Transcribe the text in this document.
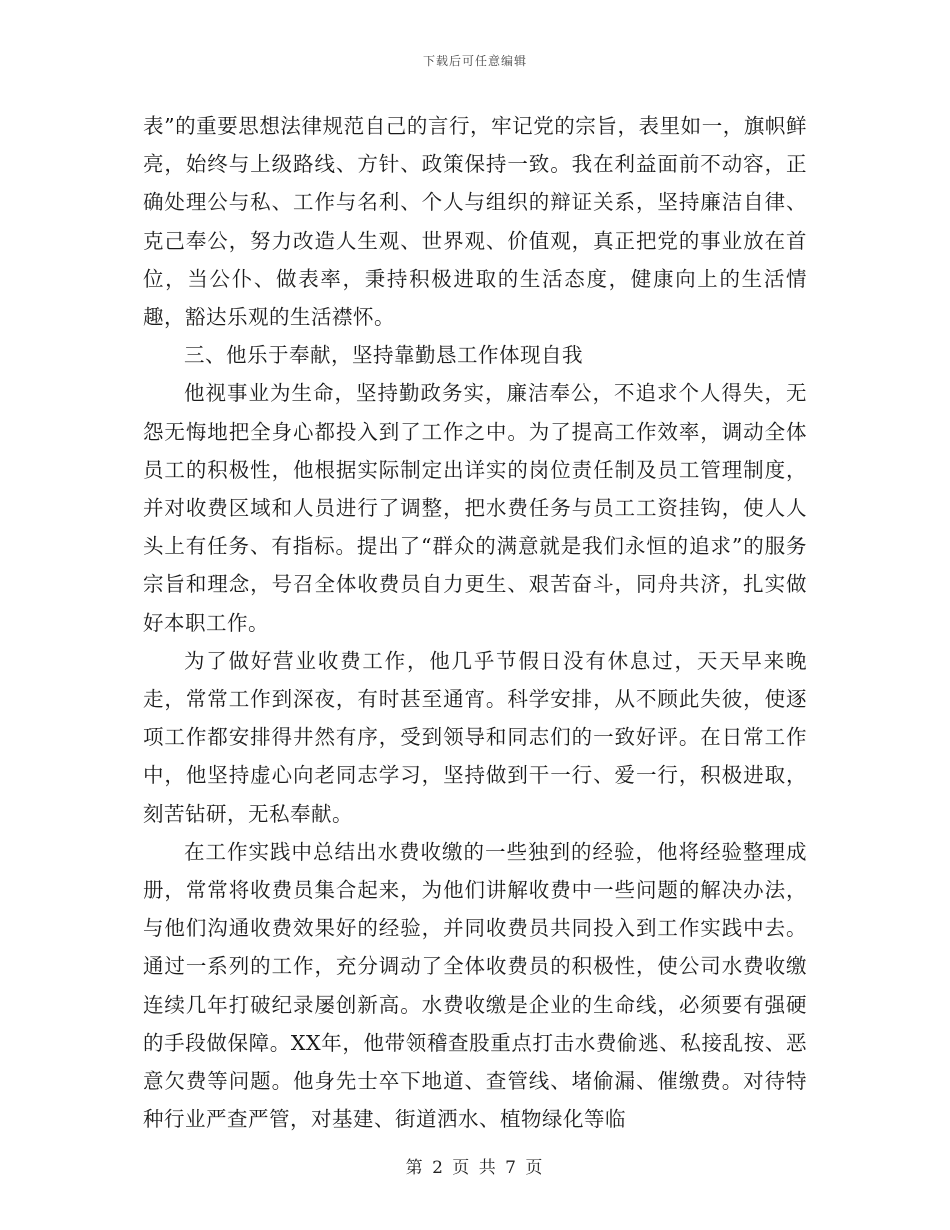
下载后可任意编辑

表”的重要思想法律规范自己的言行，牢记党的宗旨，表里如一，旗帜鲜亮，始终与上级路线、方针、政策保持一致。我在利益面前不动容，正确处理公与私、工作与名利、个人与组织的辩证关系，坚持廉洁自律、克己奉公，努力改造人生观、世界观、价值观，真正把党的事业放在首位，当公仆、做表率，秉持积极进取的生活态度，健康向上的生活情趣，豁达乐观的生活襟怀。

三、他乐于奉献，坚持靠勤恳工作体现自我

他视事业为生命，坚持勤政务实，廉洁奉公，不追求个人得失，无怨无悔地把全身心都投入到了工作之中。为了提高工作效率，调动全体员工的积极性，他根据实际制定出详实的岗位责任制及员工管理制度，并对收费区域和人员进行了调整，把水费任务与员工工资挂钩，使人人头上有任务、有指标。提出了“群众的满意就是我们永恒的追求”的服务宗旨和理念，号召全体收费员自力更生、艰苦奋斗，同舟共济，扎实做好本职工作。

为了做好营业收费工作，他几乎节假日没有休息过，天天早来晚走，常常工作到深夜，有时甚至通宵。科学安排，从不顾此失彼，使逐项工作都安排得井然有序，受到领导和同志们的一致好评。在日常工作中，他坚持虚心向老同志学习，坚持做到干一行、爱一行，积极进取，刻苦钻研，无私奉献。

在工作实践中总结出水费收缴的一些独到的经验，他将经验整理成册，常常将收费员集合起来，为他们讲解收费中一些问题的解决办法，与他们沟通收费效果好的经验，并同收费员共同投入到工作实践中去。通过一系列的工作，充分调动了全体收费员的积极性，使公司水费收缴连续几年打破纪录屡创新高。水费收缴是企业的生命线，必须要有强硬的手段做保障。XX年，他带领稽查股重点打击水费偷逃、私接乱按、恶意欠费等问题。他身先士卒下地道、查管线、堵偷漏、催缴费。对待特种行业严查严管，对基建、街道洒水、植物绿化等临

第 2 页 共 7 页
